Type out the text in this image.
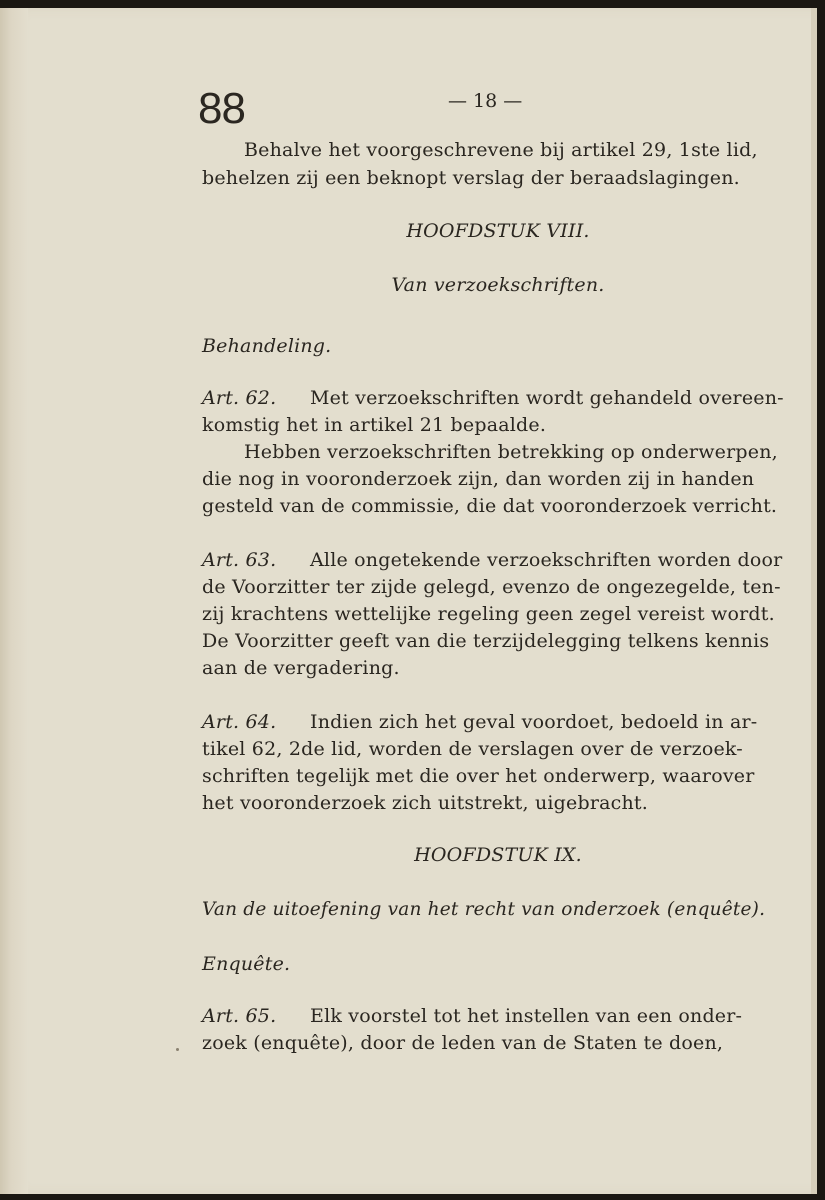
88	— 18 —
Behalve het voorgeschrevene bij artikel 29, 1ste lid,
behelzen zij een beknopt verslag der beraadslagingen.
HOOFDSTUK VIII.
Van verzoekschriften.
Behandeling.
Art. 62. Met verzoekschriften wordt gehandeld overeen-
komstig het in artikel 21 bepaalde.
Hebben verzoekschriften betrekking op onderwerpen,
die nog in vooronderzoek zijn, dan worden zij in handen
gesteld van de commissie, die dat vooronderzoek verricht.
Art. 63. Alle ongetekende verzoekschriften worden door
de Voorzitter ter zijde gelegd, evenzo de ongezegelde, ten-
zij krachtens wettelijke regeling geen zegel vereist wordt.
De Voorzitter geeft van die terzijdelegging telkens kennis
aan de vergadering.
Art. 64. Indien zich het geval voordoet, bedoeld in ar-
tikel 62, 2de lid, worden de verslagen over de verzoek-
schriften tegelijk met die over het onderwerp, waarover
het vooronderzoek zich uitstrekt, uigebracht.
HOOFDSTUK IX.
Van de uitoefening van het recht van onderzoek (enquête).
Enquête.
Art. 65. Elk voorstel tot het instellen van een onder-
zoek (enquête), door de leden van de Staten te doen,
